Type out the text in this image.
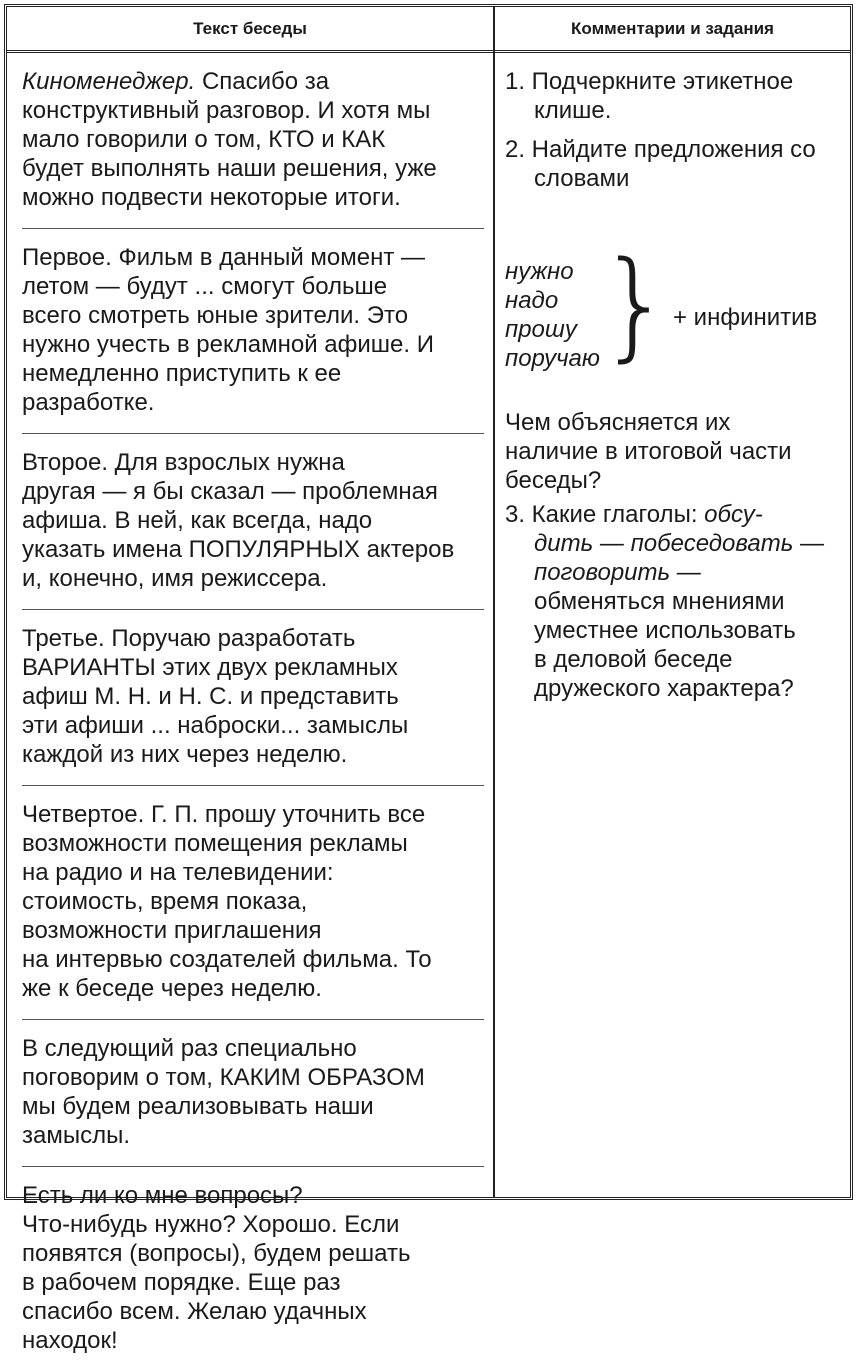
Текст беседы	Комментарии и задания
Киноменеджер. Спасибо за
конструктивный разговор. И хотя мы
мало говорили о том, КТО и КАК
будет выполнять наши решения, уже
можно подвести некоторые итоги.
Первое. Фильм в данный момент —
летом — будут ... смогут больше
всего смотреть юные зрители. Это
нужно учесть в рекламной афише. И
немедленно приступить к ее
разработке.
Второе. Для взрослых нужна
другая — я бы сказал — проблемная
афиша. В ней, как всегда, надо
указать имена ПОПУЛЯРНЫХ актеров
и, конечно, имя режиссера.
Третье. Поручаю разработать
ВАРИАНТЫ этих двух рекламных
афиш М. Н. и Н. С. и представить
эти афиши ... наброски... замыслы
каждой из них через неделю.
Четвертое. Г. П. прошу уточнить все
возможности помещения рекламы
на радио и на телевидении:
стоимость, время показа,
возможности приглашения
на интервью создателей фильма. То
же к беседе через неделю.
В следующий раз специально
поговорим о том, КАКИМ ОБРАЗОМ
мы будем реализовывать наши
замыслы.
Есть ли ко мне вопросы?
Что-нибудь нужно? Хорошо. Если
появятся (вопросы), будем решать
в рабочем порядке. Еще раз
спасибо всем. Желаю удачных
находок!
1. Подчеркните этикетное
клише.
2. Найдите предложения со
словами
нужно
надо
прошу
поручаю
} + инфинитив
Чем объясняется их
наличие в итоговой части
беседы?
3. Какие глаголы: обсу-
дить — побеседовать —
поговорить —
обменяться мнениями
уместнее использовать
в деловой беседе
дружеского характера?
